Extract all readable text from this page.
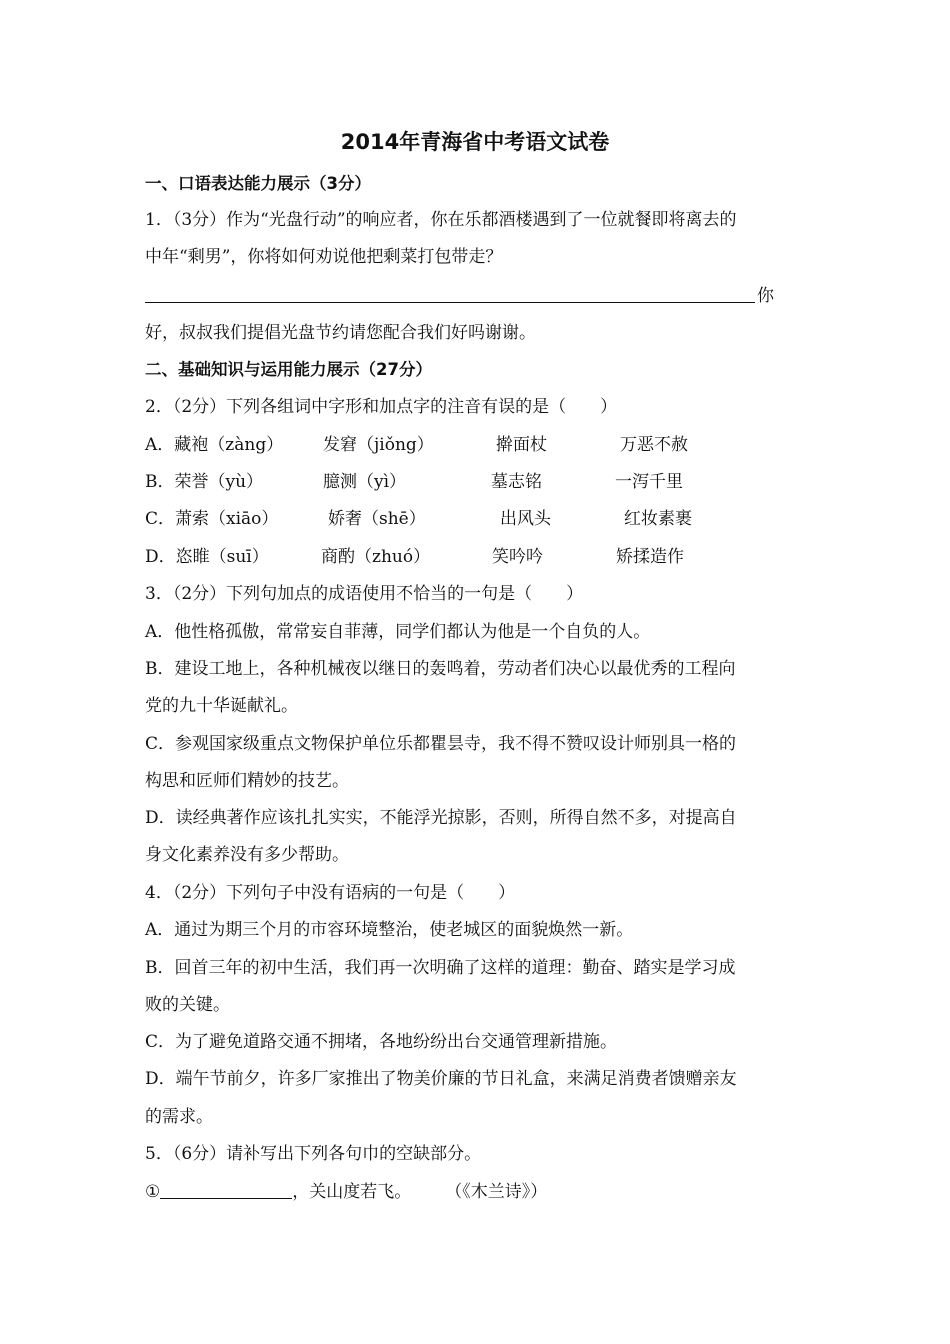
2014年青海省中考语文试卷
一、口语表达能力展示（3分）
1．（3分）作为“光盘行动”的响应者，你在乐都酒楼遇到了一位就餐即将离去的
中年“剩男”，你将如何劝说他把剩菜打包带走？
你
好，叔叔我们提倡光盘节约请您配合我们好吗谢谢。
二、基础知识与运用能力展示（27分）
2．（2分）下列各组词中字形和加点字的注音有误的是（　　）
A．藏袍（zàng） 发窘（jiǒng）	擀面杖	万恶不赦
B．荣誉（yù）	臆测（yì）	墓志铭	一泻千里
C．萧索（xiāo）	娇奢（shē）	出风头	红妆素裹
D．恣睢（suī）	商酌（zhuó）	笑吟吟	矫揉造作
3．（2分）下列句加点的成语使用不恰当的一句是（　　）
A．他性格孤傲，常常妄自菲薄，同学们都认为他是一个自负的人。
B．建设工地上，各种机械夜以继日的轰鸣着，劳动者们决心以最优秀的工程向
党的九十华诞献礼。
C．参观国家级重点文物保护单位乐都瞿昙寺，我不得不赞叹设计师别具一格的
构思和匠师们精妙的技艺。
D．读经典著作应该扎扎实实，不能浮光掠影，否则，所得自然不多，对提高自
身文化素养没有多少帮助。
4．（2分）下列句子中没有语病的一句是（　　）
A．通过为期三个月的市容环境整治，使老城区的面貌焕然一新。
B．回首三年的初中生活，我们再一次明确了这样的道理：勤奋、踏实是学习成
败的关键。
C．为了避免道路交通不拥堵，各地纷纷出台交通管理新措施。
D．端午节前夕，许多厂家推出了物美价廉的节日礼盒，来满足消费者馈赠亲友
的需求。
5．（6分）请补写出下列各句巾的空缺部分。
①	，关山度若飞。 （《木兰诗》）
